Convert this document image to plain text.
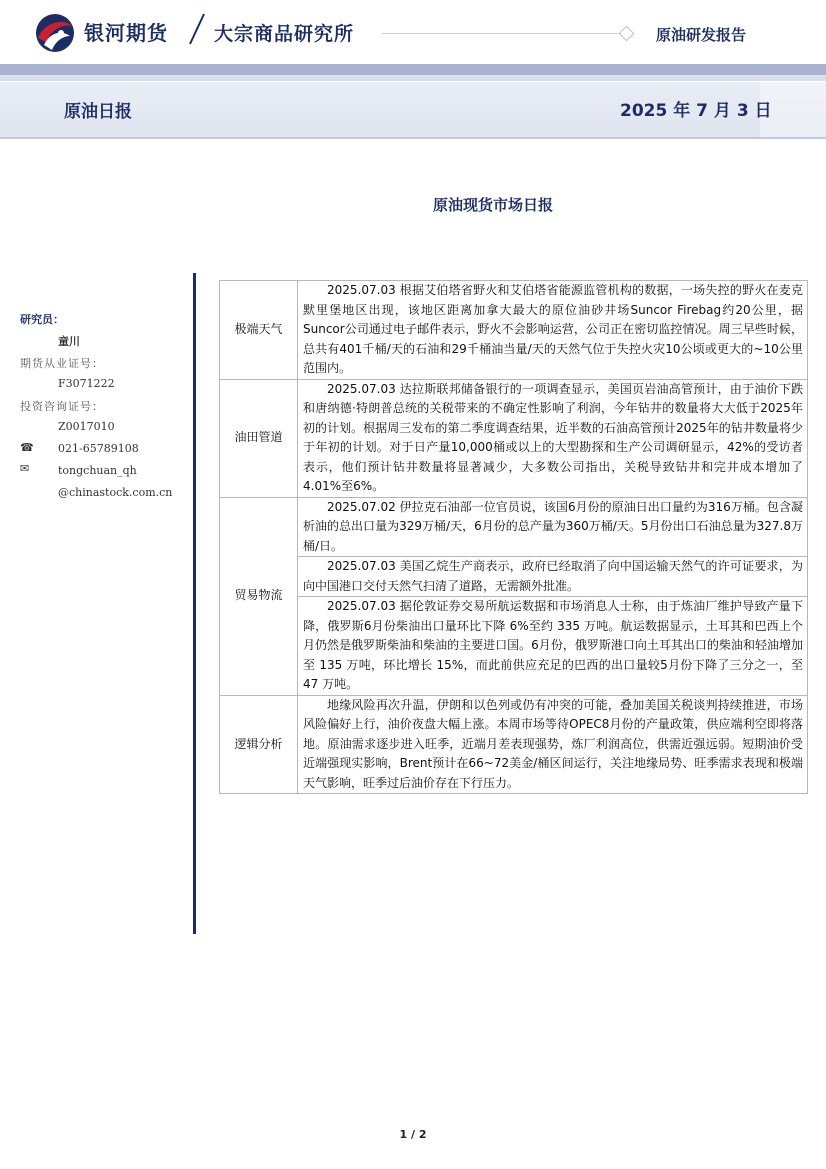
银河期货 大宗商品研究所	原油研发报告
原油日报	2025 年 7 月 3 日
原油现货市场日报
研究员：
童川
期货从业证号：
F3071222
投资咨询证号：
Z0017010
☎ 021-65789108
✉	tongchuan_qh
@chinastock.com.cn
极端天气	2025.07.03 根据艾伯塔省野火和艾伯塔省能源监管机构的数据，一场失控的野火在麦克默里堡地区出现，该地区距离加拿大最大的原位油砂井场Suncor Firebag约20公里，据Suncor公司通过电子邮件表示，野火不会影响运营，公司正在密切监控情况。周三早些时候，总共有401千桶/天的石油和29千桶油当量/天的天然气位于失控火灾10公顷或更大的~10公里范围内。

油田管道	2025.07.03 达拉斯联邦储备银行的一项调查显示，美国页岩油高管预计，由于油价下跌和唐纳德·特朗普总统的关税带来的不确定性影响了利润，今年钻井的数量将大大低于2025年初的计划。根据周三发布的第二季度调查结果，近半数的石油高管预计2025年的钻井数量将少于年初的计划。对于日产量10,000桶或以上的大型勘探和生产公司调研显示，42%的受访者表示，他们预计钻井数量将显著减少，大多数公司指出，关税导致钻井和完井成本增加了4.01%至6%。

贸易物流	2025.07.02 伊拉克石油部一位官员说，该国6月份的原油日出口量约为316万桶。包含凝析油的总出口量为329万桶/天，6月份的总产量为360万桶/天。5月份出口石油总量为327.8万桶/日。

	2025.07.03 美国乙烷生产商表示，政府已经取消了向中国运输天然气的许可证要求，为向中国港口交付天然气扫清了道路，无需额外批准。

	2025.07.03 据伦敦证券交易所航运数据和市场消息人士称，由于炼油厂维护导致产量下降，俄罗斯6月份柴油出口量环比下降 6%至约 335 万吨。航运数据显示，土耳其和巴西上个月仍然是俄罗斯柴油和柴油的主要进口国。6月份，俄罗斯港口向土耳其出口的柴油和轻油增加至 135 万吨，环比增长 15%，而此前供应充足的巴西的出口量较5月份下降了三分之一，至 47 万吨。

逻辑分析	地缘风险再次升温，伊朗和以色列或仍有冲突的可能，叠加美国关税谈判持续推进，市场风险偏好上行，油价夜盘大幅上涨。本周市场等待OPEC8月份的产量政策，供应端利空即将落地。原油需求逐步进入旺季，近端月差表现强势，炼厂利润高位，供需近强远弱。短期油价受近端强现实影响，Brent预计在66~72美金/桶区间运行，关注地缘局势、旺季需求表现和极端天气影响，旺季过后油价存在下行压力。

1 / 2
